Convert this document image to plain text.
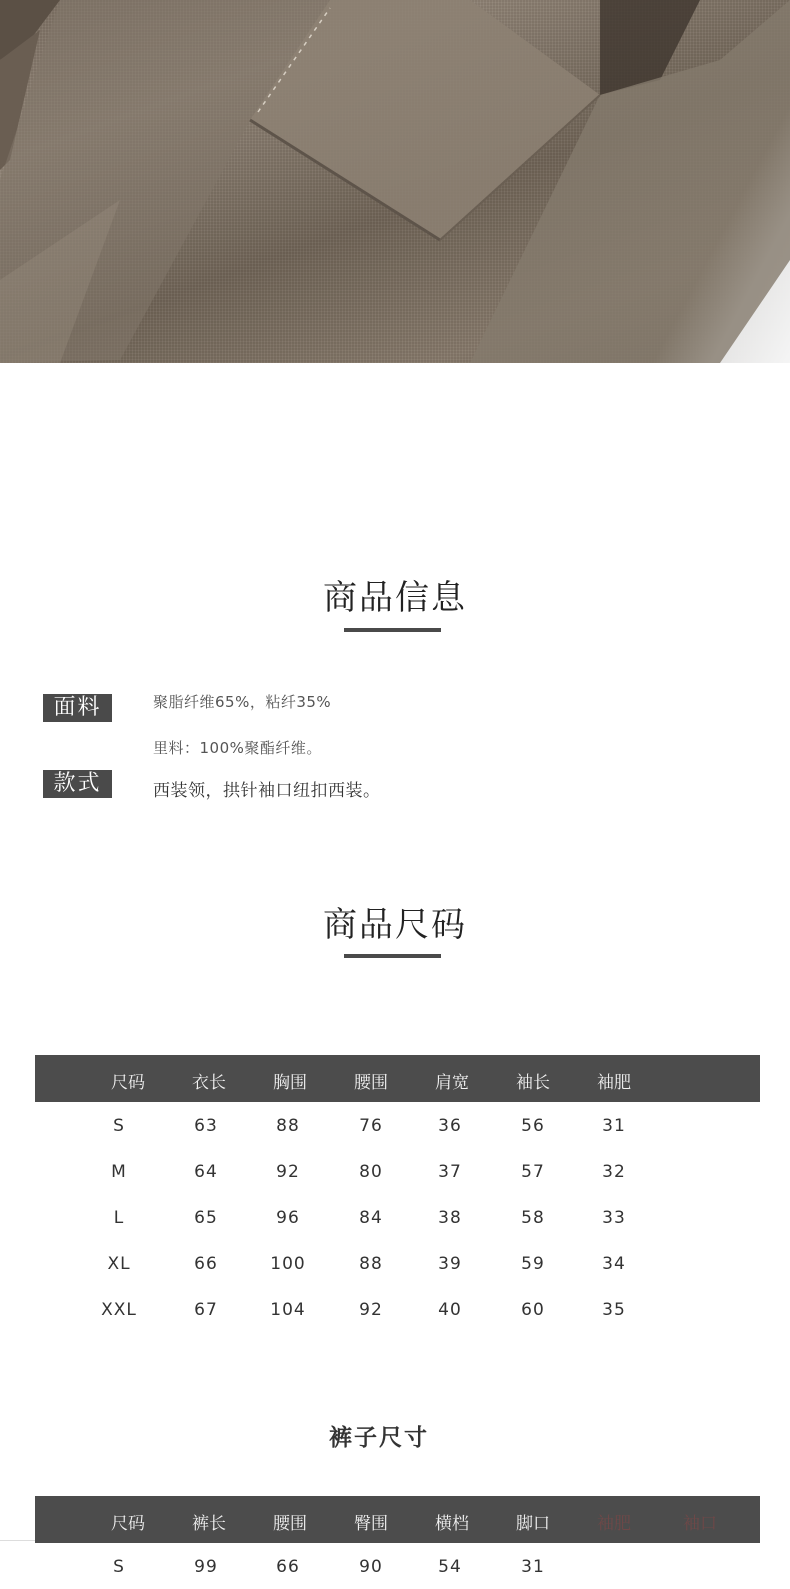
商品信息
面料	聚脂纤维65%，粘纤35%
里料：100%聚酯纤维。
款式	西装领，拱针袖口纽扣西装。
商品尺码
尺码	衣长	胸围	腰围	肩宽	袖长	袖肥
S	63	88	76	36	56	31
M	64	92	80	37	57	32
L	65	96	84	38	58	33
XL	66	100	88	39	59	34
XXL	67	104	92	40	60	35
裤子尺寸
尺码	裤长	腰围	臀围	横档	脚口	袖肥	袖口
S	99	66	90	54	31
